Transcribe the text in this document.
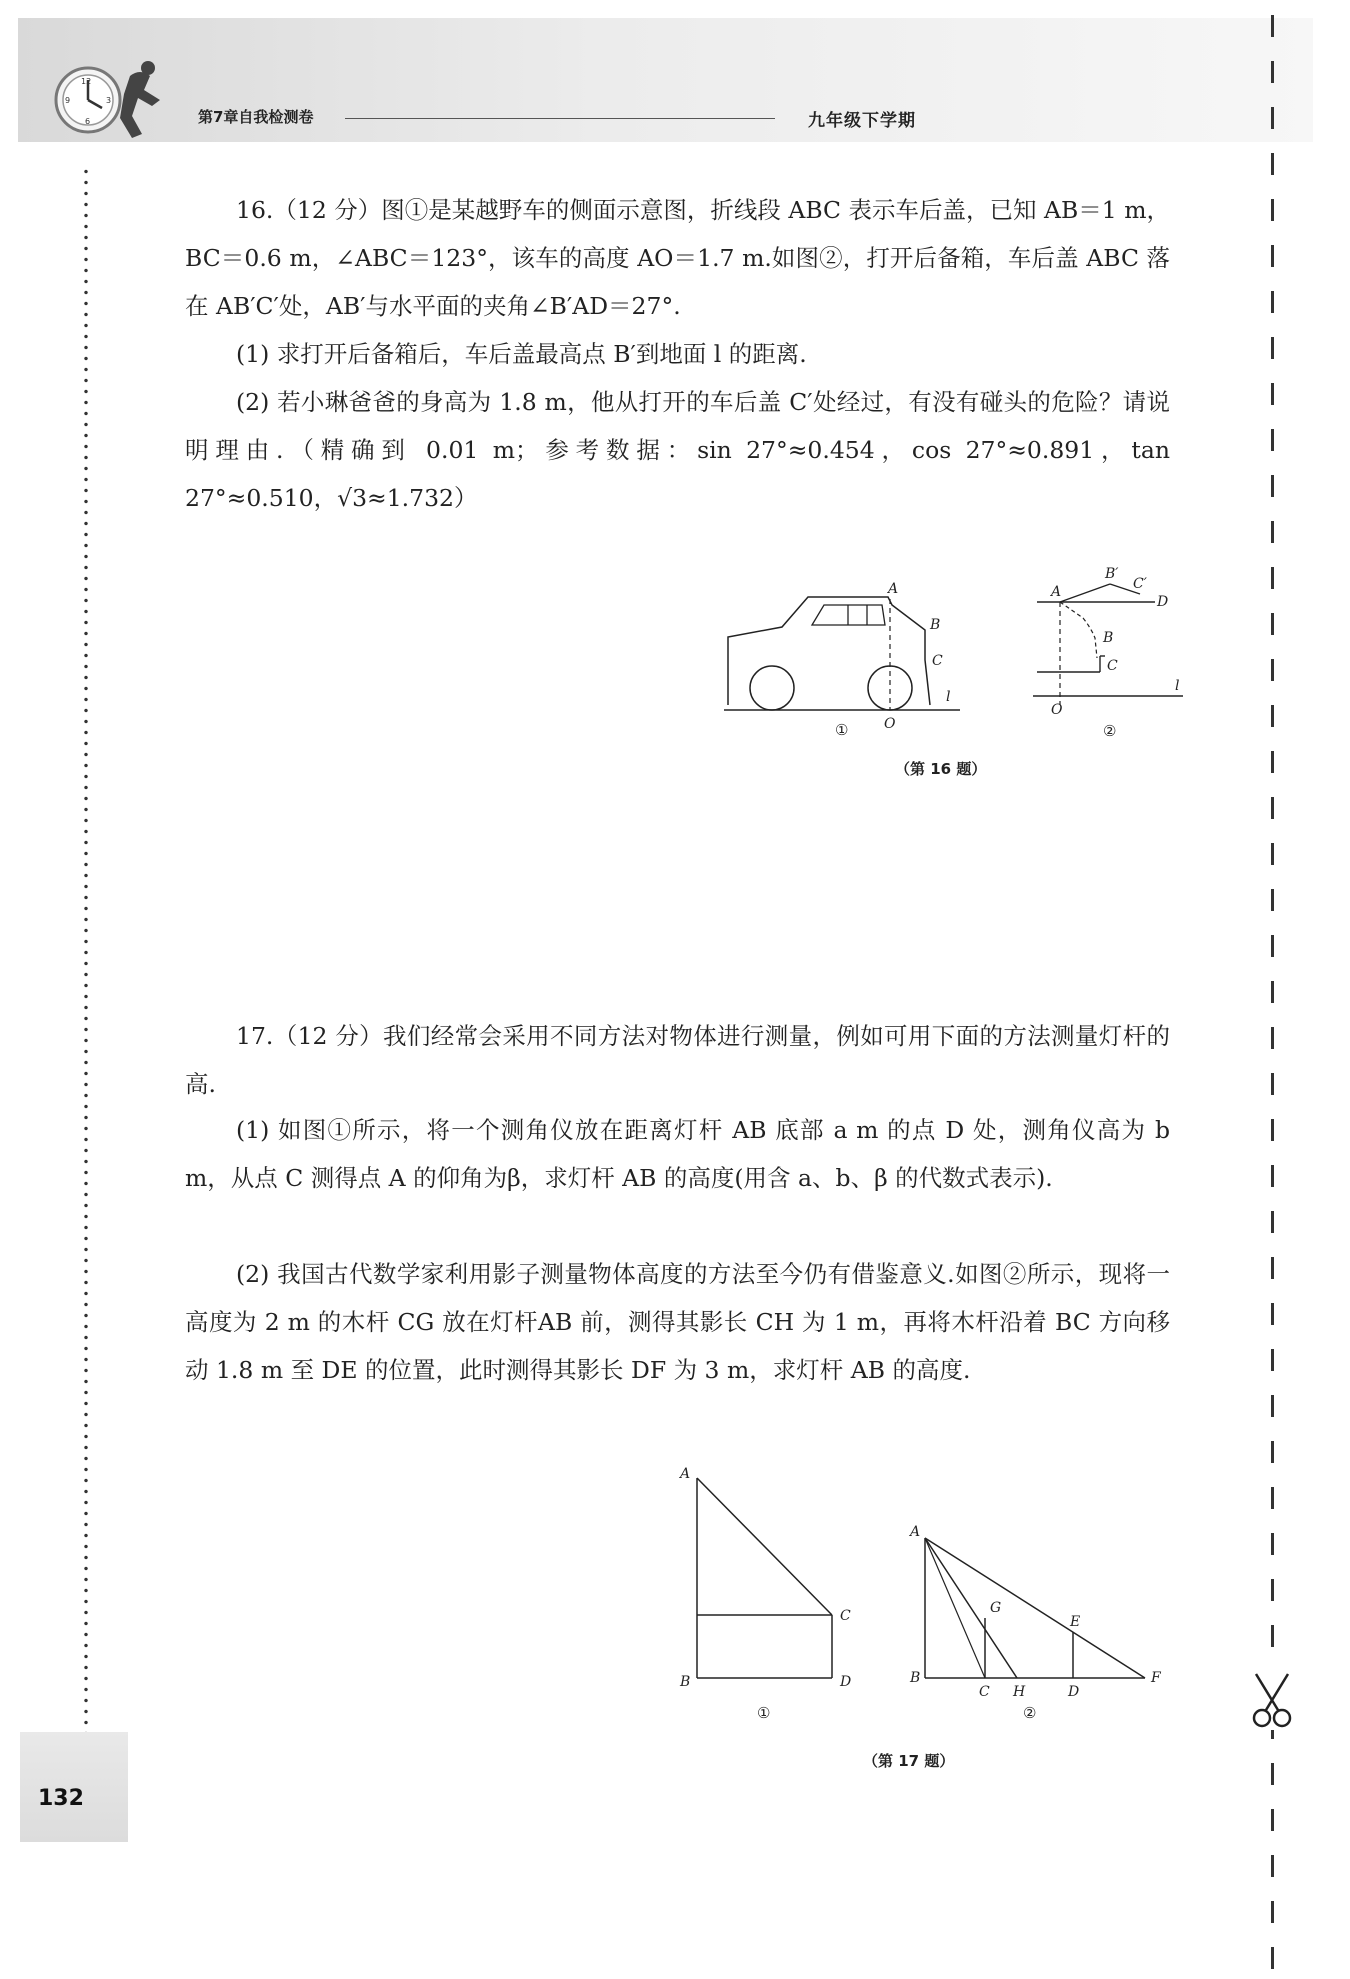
12
3
6
9
第7章自我检测卷	九年级下学期
132
16.（12 分）图①是某越野车的侧面示意图，折线段 ABC 表示车后盖，已知 AB＝1 m，BC＝0.6 m，∠ABC＝123°，该车的高度 AO＝1.7 m.如图②，打开后备箱，车后盖 ABC 落在 AB′C′处，AB′与水平面的夹角∠B′AD＝27°.
(1) 求打开后备箱后，车后盖最高点 B′到地面 l 的距离.
(2) 若小琳爸爸的身高为 1.8 m，他从打开的车后盖 C′处经过，有没有碰头的危险？请说明理由.（精确到 0.01 m；参考数据：sin 27°≈0.454，cos 27°≈0.891，tan 27°≈0.510，√3≈1.732）
A
B
C
O
l
①
A
B′
C′
D
B
C
O
l
②
（第 16 题）
17.（12 分）我们经常会采用不同方法对物体进行测量，例如可用下面的方法测量灯杆的高.
(1) 如图①所示，将一个测角仪放在距离灯杆 AB 底部 a m 的点 D 处，测角仪高为 b m，从点 C 测得点 A 的仰角为β，求灯杆 AB 的高度(用含 a、b、β 的代数式表示).
(2) 我国古代数学家利用影子测量物体高度的方法至今仍有借鉴意义.如图②所示，现将一高度为 2 m 的木杆 CG 放在灯杆AB 前，测得其影长 CH 为 1 m，再将木杆沿着 BC 方向移动 1.8 m 至 DE 的位置，此时测得其影长 DF 为 3 m，求灯杆 AB 的高度.
A
B
C
D
①
A
B
C	D
E
F
G
H
②
（第 17 题）
